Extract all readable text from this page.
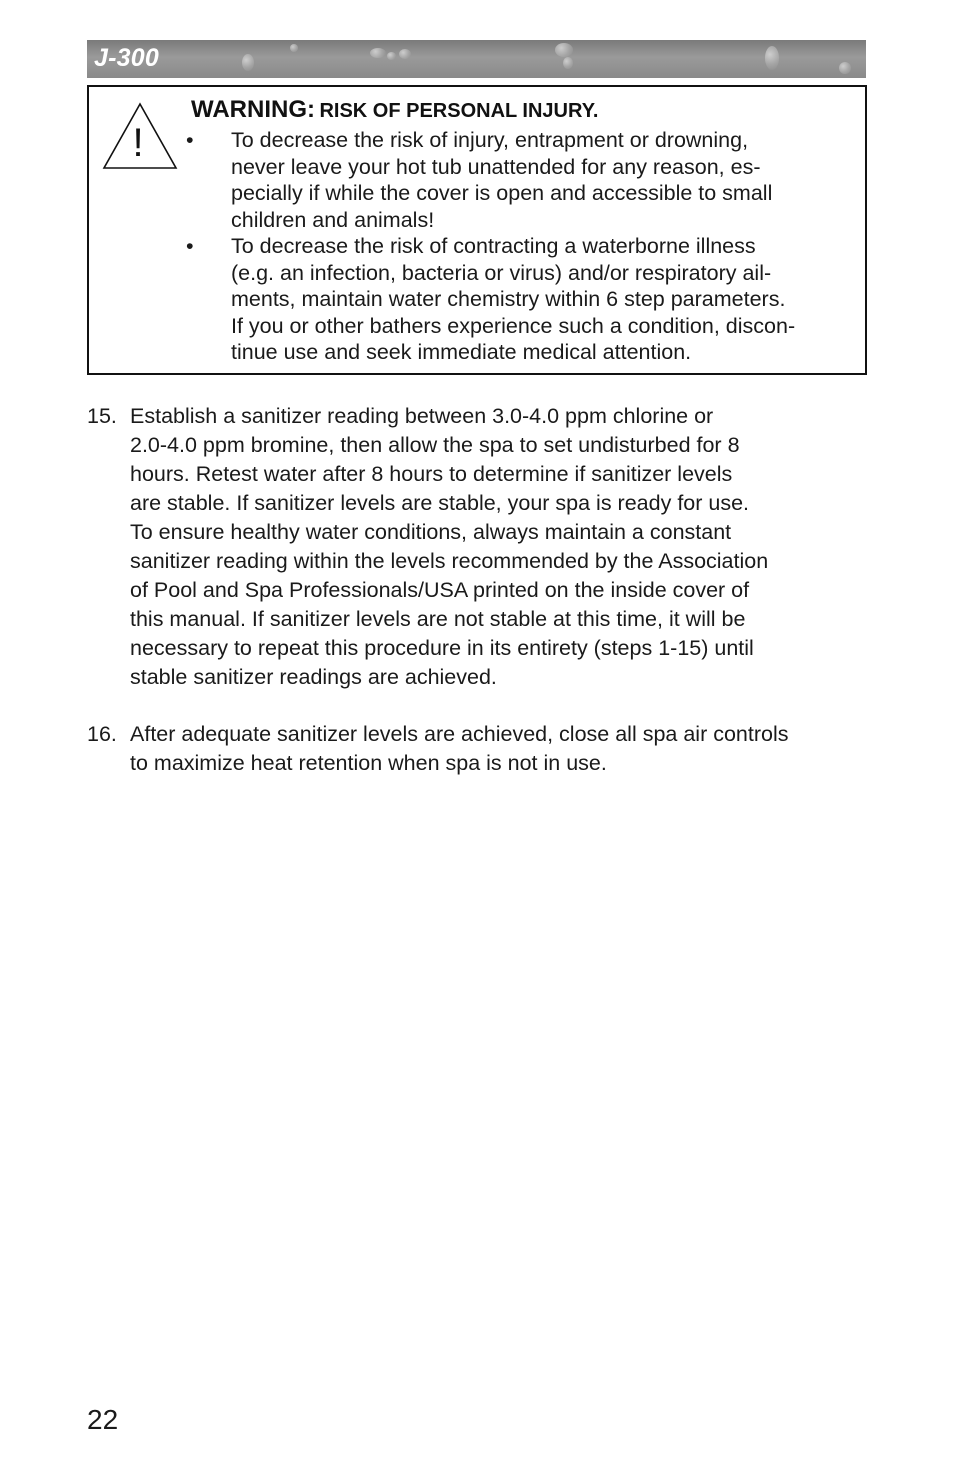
J-300
!
WARNING: RISK OF PERSONAL INJURY.
• To decrease the risk of injury, entrapment or drowning,
never leave your hot tub unattended for any reason, es-
pecially if while the cover is open and accessible to small
children and animals!
• To decrease the risk of contracting a waterborne illness
(e.g. an infection, bacteria or virus) and/or respiratory ail-
ments, maintain water chemistry within 6 step parameters.
If you or other bathers experience such a condition, discon-
tinue use and seek immediate medical attention.
15. Establish a sanitizer reading between 3.0-4.0 ppm chlorine or
2.0-4.0 ppm bromine, then allow the spa to set undisturbed for 8
hours. Retest water after 8 hours to determine if sanitizer levels
are stable. If sanitizer levels are stable, your spa is ready for use.
To ensure healthy water conditions, always maintain a constant
sanitizer reading within the levels recommended by the Association
of Pool and Spa Professionals/USA printed on the inside cover of
this manual. If sanitizer levels are not stable at this time, it will be
necessary to repeat this procedure in its entirety (steps 1-15) until
stable sanitizer readings are achieved.
16. After adequate sanitizer levels are achieved, close all spa air controls
to maximize heat retention when spa is not in use.
22
